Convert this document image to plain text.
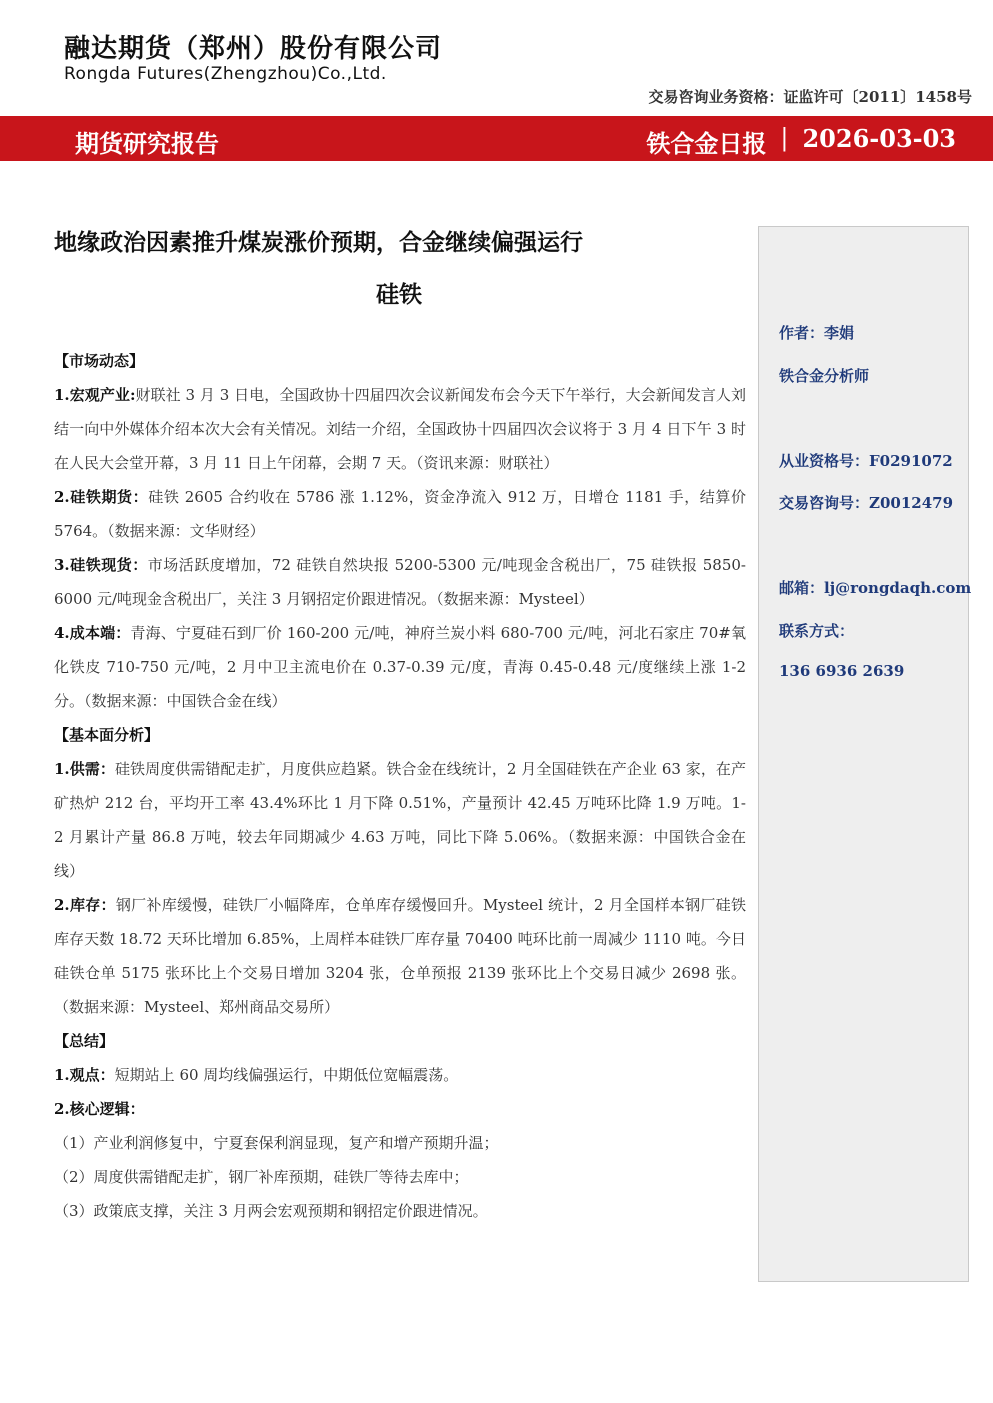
融达期货（郑州）股份有限公司
Rongda Futures(Zhengzhou)Co.,Ltd.
交易咨询业务资格：证监许可〔2011〕1458号
期货研究报告	铁合金日报 | 2026-03-03
地缘政治因素推升煤炭涨价预期，合金继续偏强运行
硅铁
【市场动态】

1.宏观产业:财联社 3 月 3 日电，全国政协十四届四次会议新闻发布会今天下午举行，大会新闻发言人刘结一向中外媒体介绍本次大会有关情况。刘结一介绍，全国政协十四届四次会议将于 3 月 4 日下午 3 时在人民大会堂开幕，3 月 11 日上午闭幕，会期 7 天。（资讯来源：财联社）

2.硅铁期货：硅铁 2605 合约收在 5786 涨 1.12%，资金净流入 912 万，日增仓 1181 手，结算价 5764。（数据来源：文华财经）

3.硅铁现货：市场活跃度增加，72 硅铁自然块报 5200-5300 元/吨现金含税出厂，75 硅铁报 5850-6000 元/吨现金含税出厂，关注 3 月钢招定价跟进情况。（数据来源：Mysteel）

4.成本端：青海、宁夏硅石到厂价 160-200 元/吨，神府兰炭小料 680-700 元/吨，河北石家庄 70#氧化铁皮 710-750 元/吨，2 月中卫主流电价在 0.37-0.39 元/度，青海 0.45-0.48 元/度继续上涨 1-2 分。（数据来源：中国铁合金在线）

【基本面分析】

1.供需：硅铁周度供需错配走扩，月度供应趋紧。铁合金在线统计，2 月全国硅铁在产企业 63 家，在产矿热炉 212 台，平均开工率 43.4%环比 1 月下降 0.51%，产量预计 42.45 万吨环比降 1.9 万吨。1-2 月累计产量 86.8 万吨，较去年同期减少 4.63 万吨，同比下降 5.06%。（数据来源：中国铁合金在线）

2.库存：钢厂补库缓慢，硅铁厂小幅降库，仓单库存缓慢回升。Mysteel 统计，2 月全国样本钢厂硅铁库存天数 18.72 天环比增加 6.85%，上周样本硅铁厂库存量 70400 吨环比前一周减少 1110 吨。今日硅铁仓单 5175 张环比上个交易日增加 3204 张，仓单预报 2139 张环比上个交易日减少 2698 张。（数据来源：Mysteel、郑州商品交易所）

【总结】

1.观点：短期站上 60 周均线偏强运行，中期低位宽幅震荡。

2.核心逻辑：

（1）产业利润修复中，宁夏套保利润显现，复产和增产预期升温；

（2）周度供需错配走扩，钢厂补库预期，硅铁厂等待去库中；

（3）政策底支撑，关注 3 月两会宏观预期和钢招定价跟进情况。

作者：李娟
铁合金分析师
从业资格号：F0291072
交易咨询号：Z0012479
邮箱：lj@rongdaqh.com
联系方式：
136 6936 2639
